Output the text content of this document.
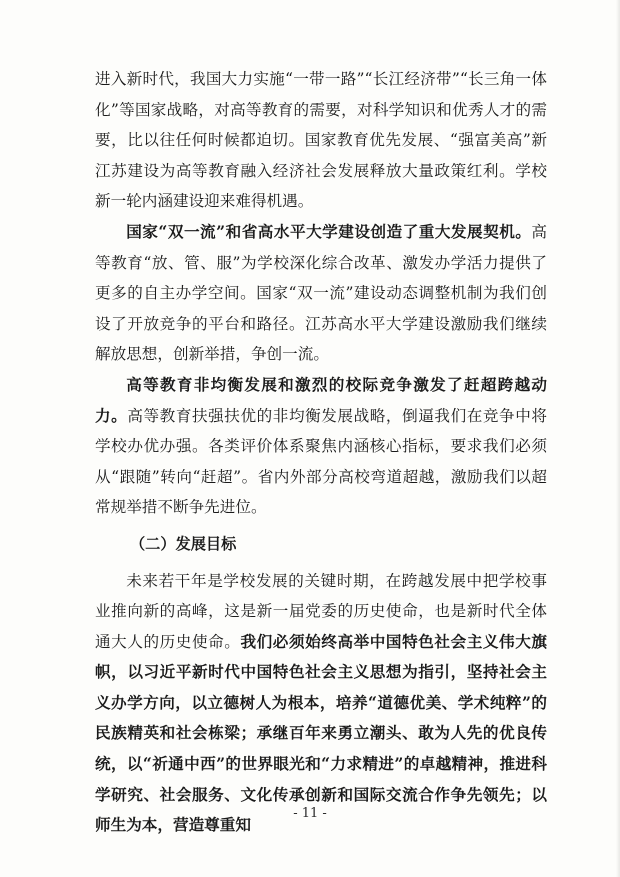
进入新时代，我国大力实施“一带一路”“长江经济带”“长三角一体化”等国家战略，对高等教育的需要，对科学知识和优秀人才的需要，比以往任何时候都迫切。国家教育优先发展、“强富美高”新江苏建设为高等教育融入经济社会发展释放大量政策红利。学校新一轮内涵建设迎来难得机遇。

国家“双一流”和省高水平大学建设创造了重大发展契机。高等教育“放、管、服”为学校深化综合改革、激发办学活力提供了更多的自主办学空间。国家“双一流”建设动态调整机制为我们创设了开放竞争的平台和路径。江苏高水平大学建设激励我们继续解放思想，创新举措，争创一流。

高等教育非均衡发展和激烈的校际竞争激发了赶超跨越动力。高等教育扶强扶优的非均衡发展战略，倒逼我们在竞争中将学校办优办强。各类评价体系聚焦内涵核心指标，要求我们必须从“跟随”转向“赶超”。省内外部分高校弯道超越，激励我们以超常规举措不断争先进位。

（二）发展目标

未来若干年是学校发展的关键时期，在跨越发展中把学校事业推向新的高峰，这是新一届党委的历史使命，也是新时代全体通大人的历史使命。我们必须始终高举中国特色社会主义伟大旗帜，以习近平新时代中国特色社会主义思想为指引，坚持社会主义办学方向，以立德树人为根本，培养“道德优美、学术纯粹”的民族精英和社会栋梁；承继百年来勇立潮头、敢为人先的优良传统，以“祈通中西”的世界眼光和“力求精进”的卓越精神，推进科学研究、社会服务、文化传承创新和国际交流合作争先领先；以师生为本，营造尊重知

- 11 -
